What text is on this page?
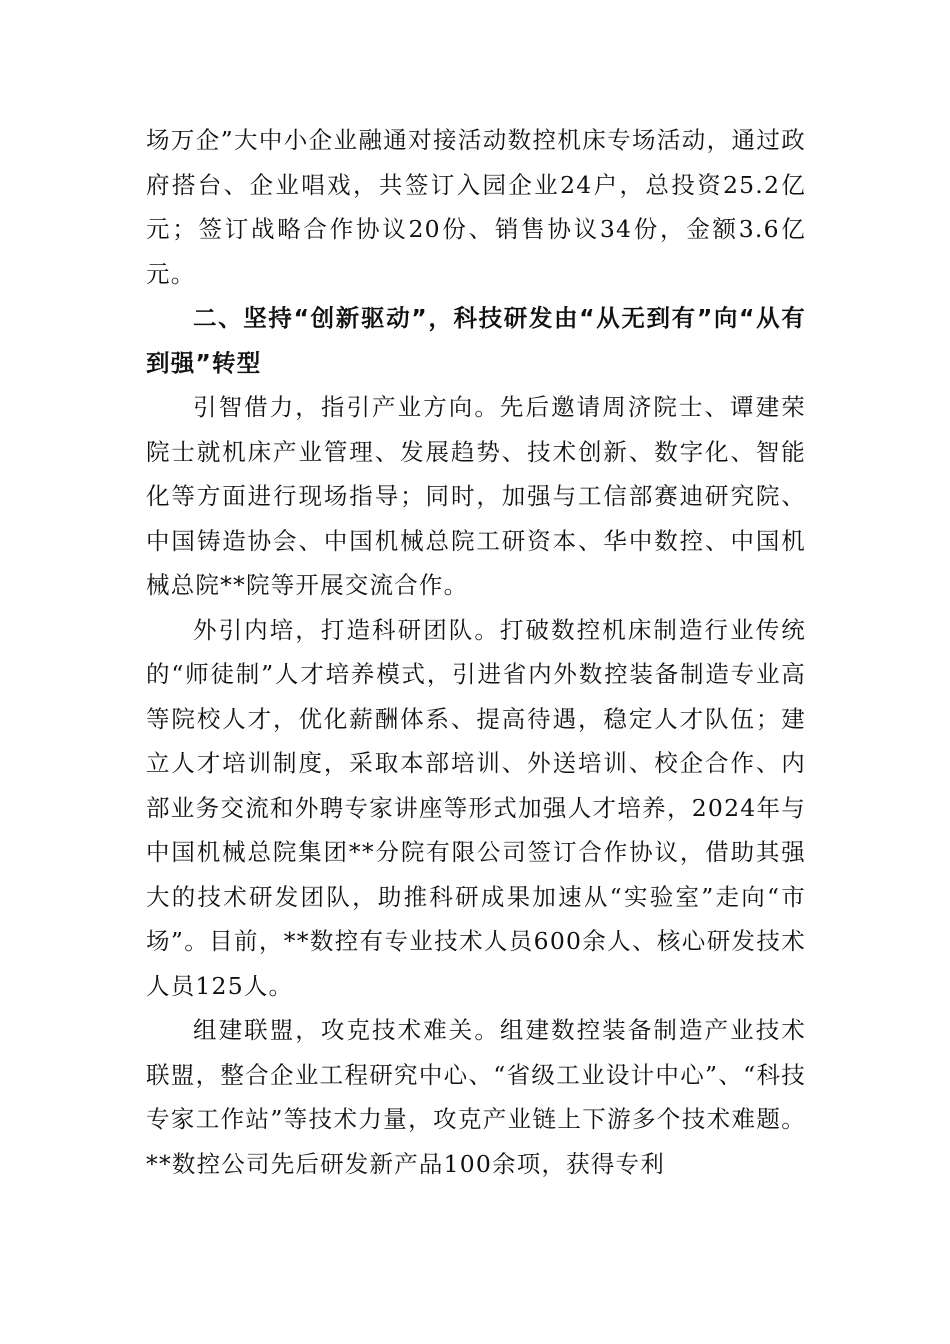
场万企”大中小企业融通对接活动数控机床专场活动，通过政府搭台、企业唱戏，共签订入园企业24户，总投资25.2亿元；签订战略合作协议20份、销售协议34份，金额3.6亿元。

二、坚持“创新驱动”，科技研发由“从无到有”向“从有到强”转型

引智借力，指引产业方向。先后邀请周济院士、谭建荣院士就机床产业管理、发展趋势、技术创新、数字化、智能化等方面进行现场指导；同时，加强与工信部赛迪研究院、中国铸造协会、中国机械总院工研资本、华中数控、中国机械总院**院等开展交流合作。

外引内培，打造科研团队。打破数控机床制造行业传统的“师徒制”人才培养模式，引进省内外数控装备制造专业高等院校人才，优化薪酬体系、提高待遇，稳定人才队伍；建立人才培训制度，采取本部培训、外送培训、校企合作、内部业务交流和外聘专家讲座等形式加强人才培养，2024年与中国机械总院集团**分院有限公司签订合作协议，借助其强大的技术研发团队，助推科研成果加速从“实验室”走向“市场”。目前，**数控有专业技术人员600余人、核心研发技术人员125人。

组建联盟，攻克技术难关。组建数控装备制造产业技术联盟，整合企业工程研究中心、“省级工业设计中心”、“科技专家工作站”等技术力量，攻克产业链上下游多个技术难题。**数控公司先后研发新产品100余项，获得专利
